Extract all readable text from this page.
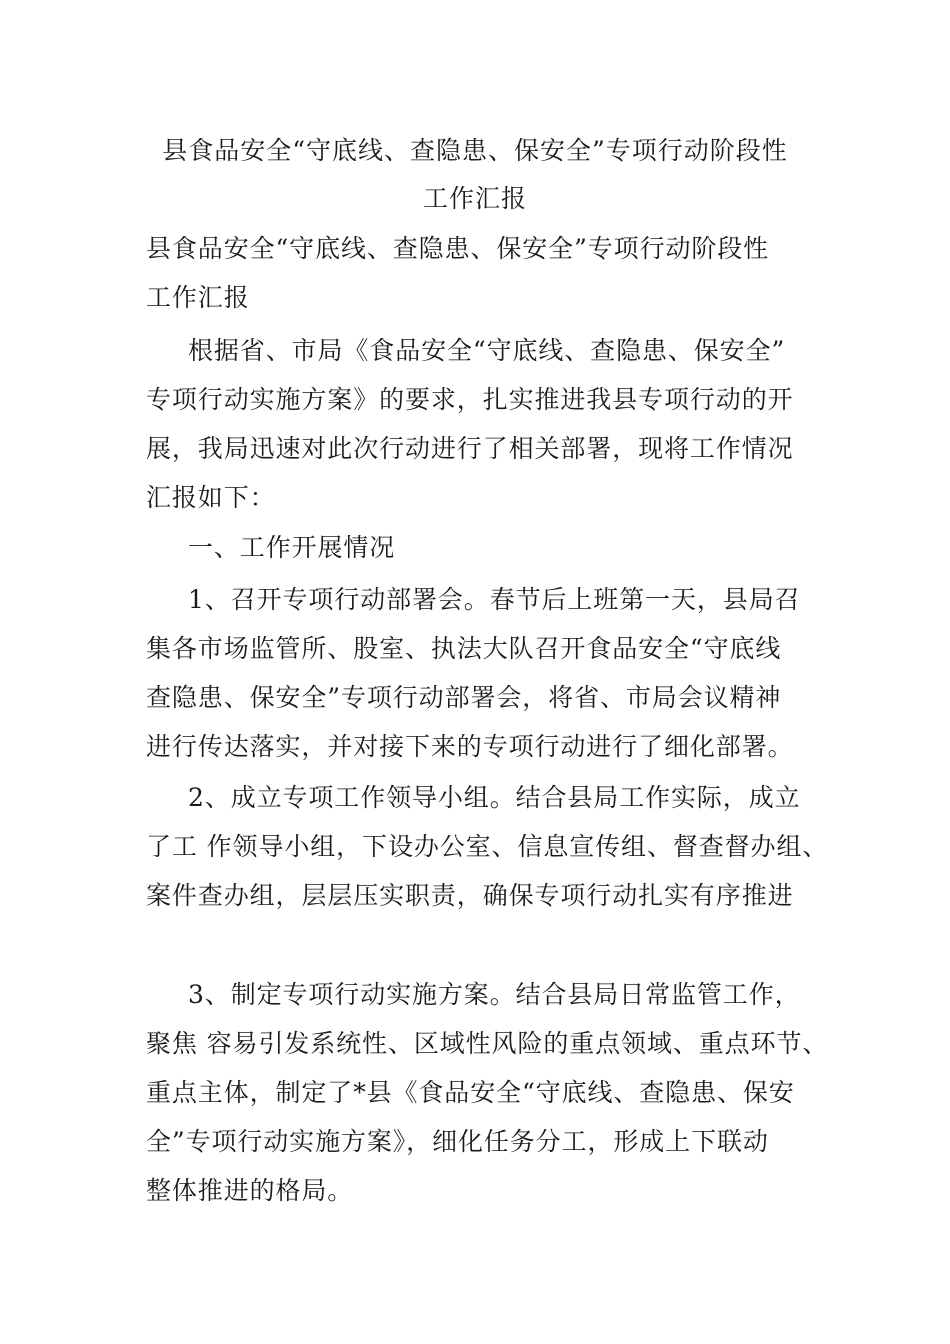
县食品安全“守底线、查隐患、保安全”专项行动阶段性
工作汇报
县食品安全“守底线、查隐患、保安全”专项行动阶段性
工作汇报
根据省、市局《食品安全“守底线、查隐患、保安全”
专项行动实施方案》的要求，扎实推进我县专项行动的开
展，我局迅速对此次行动进行了相关部署，现将工作情况
汇报如下：
一、工作开展情况
1、召开专项行动部署会。春节后上班第一天，县局召
集各市场监管所、股室、执法大队召开食品安全“守底线
查隐患、保安全”专项行动部署会，将省、市局会议精神
进行传达落实，并对接下来的专项行动进行了细化部署。
2、成立专项工作领导小组。结合县局工作实际，成立
了工 作领导小组，下设办公室、信息宣传组、督查督办组、
案件查办组，层层压实职责，确保专项行动扎实有序推进
3、制定专项行动实施方案。结合县局日常监管工作，
聚焦 容易引发系统性、区域性风险的重点领域、重点环节、
重点主体，制定了*县《食品安全“守底线、查隐患、保安
全”专项行动实施方案》，细化任务分工，形成上下联动
整体推进的格局。
